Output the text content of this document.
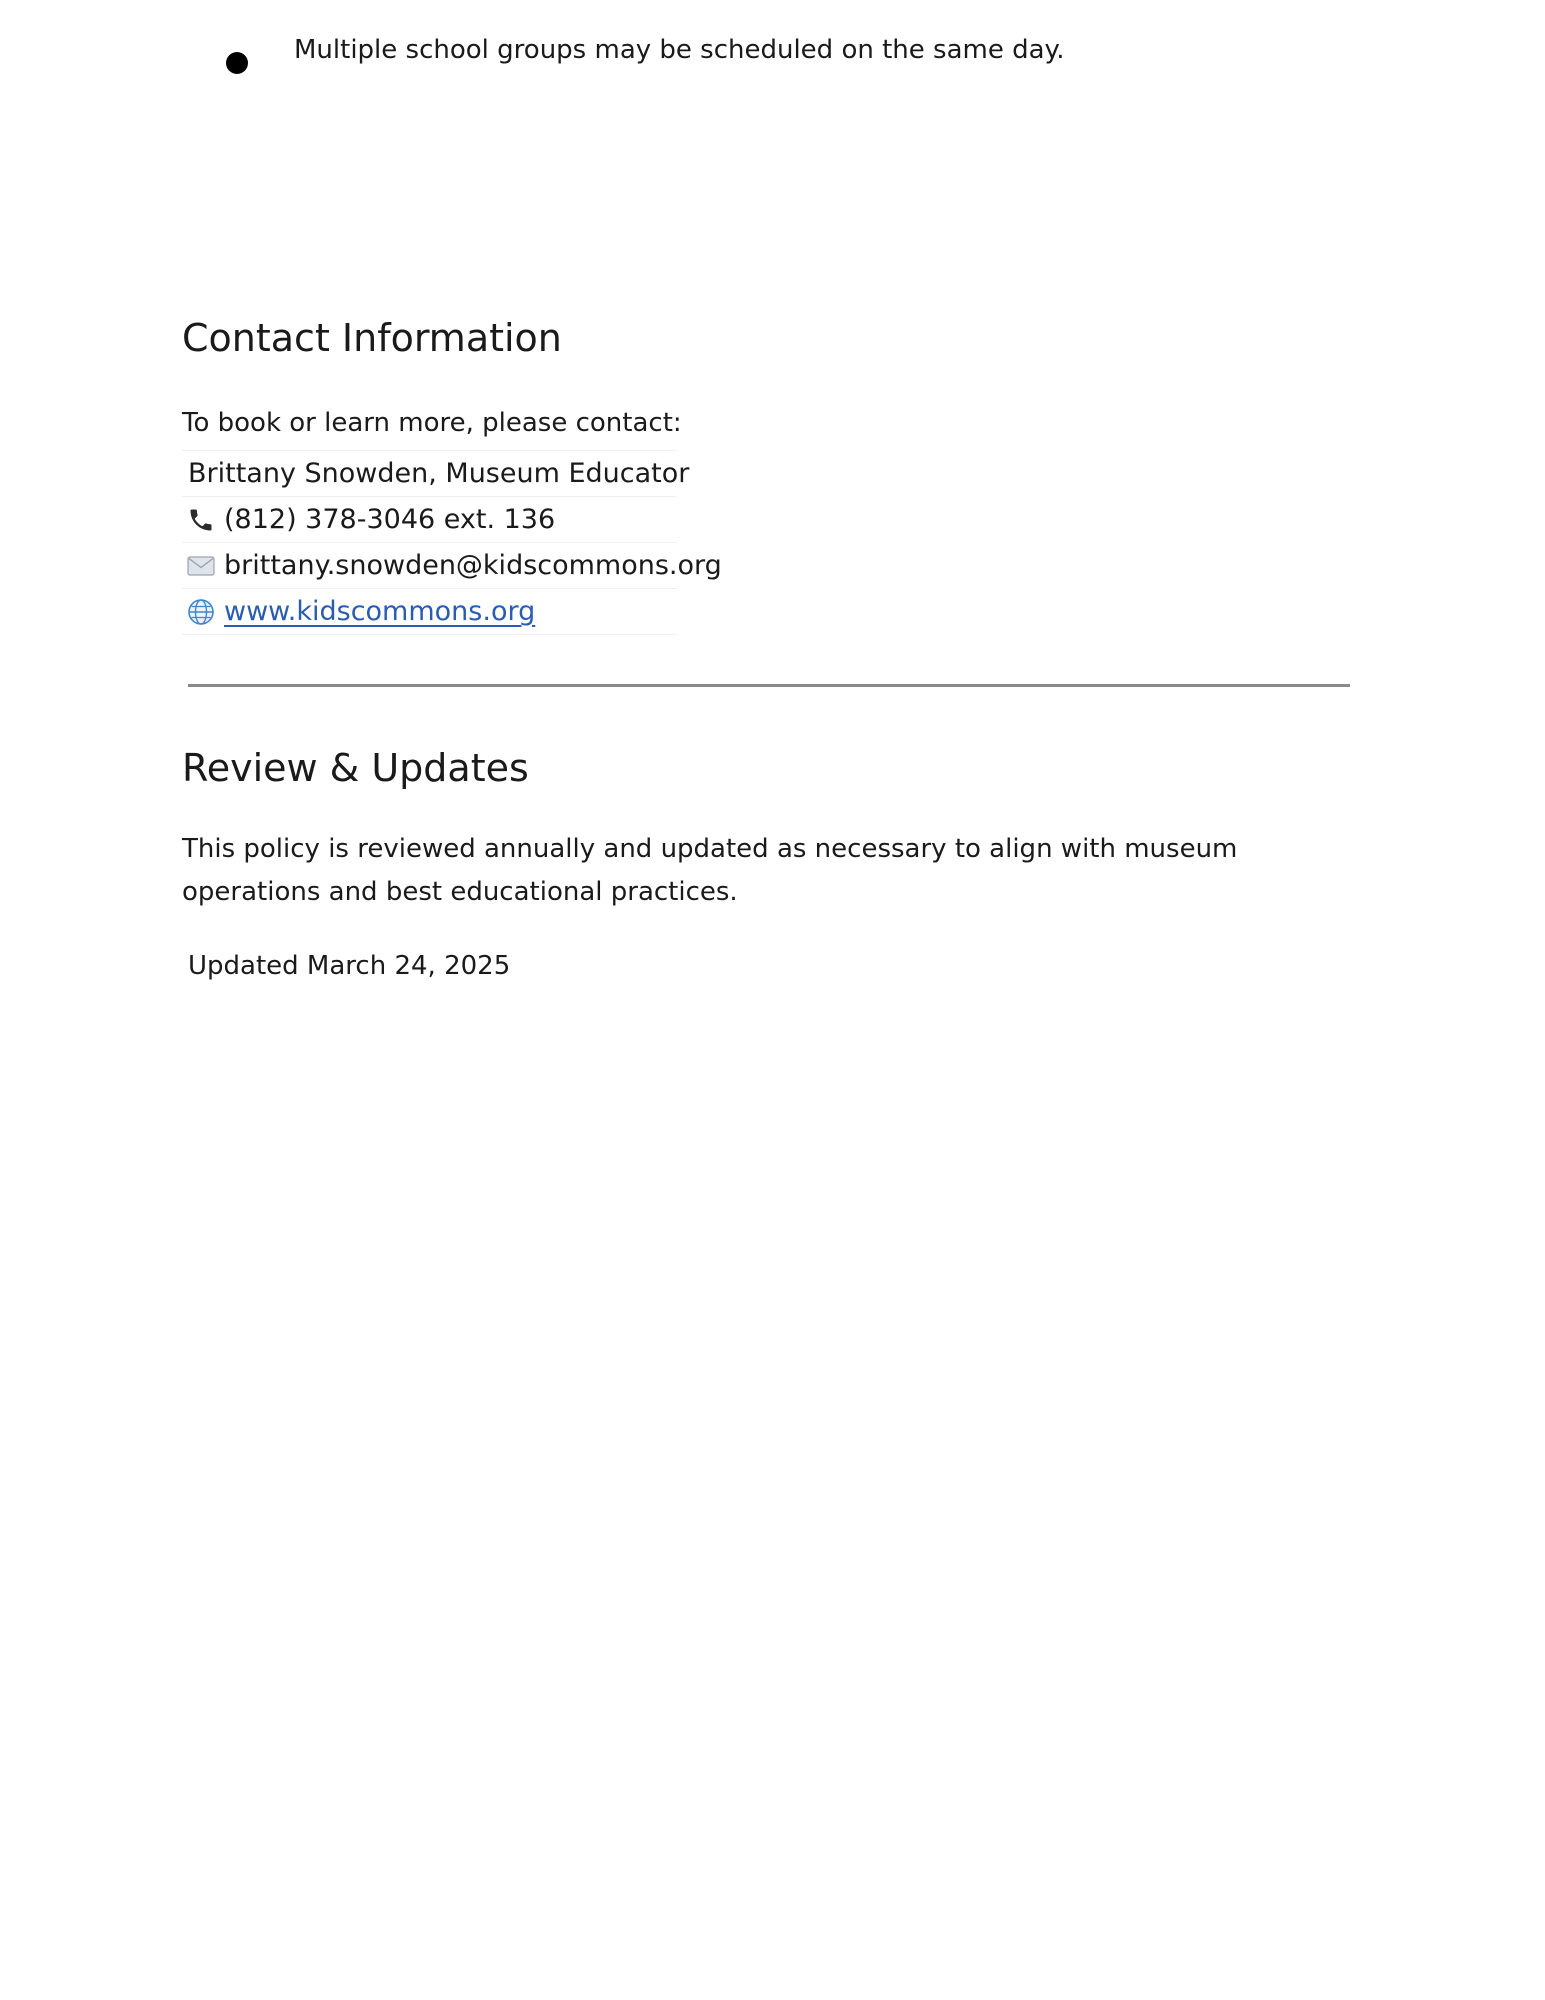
Multiple school groups may be scheduled on the same day.
Contact Information
To book or learn more, please contact:
Brittany Snowden, Museum Educator
(812) 378-3046 ext. 136
brittany.snowden@kidscommons.org
www.kidscommons.org
Review & Updates

This policy is reviewed annually and updated as necessary to align with museum operations and best educational practices.

Updated March 24, 2025
